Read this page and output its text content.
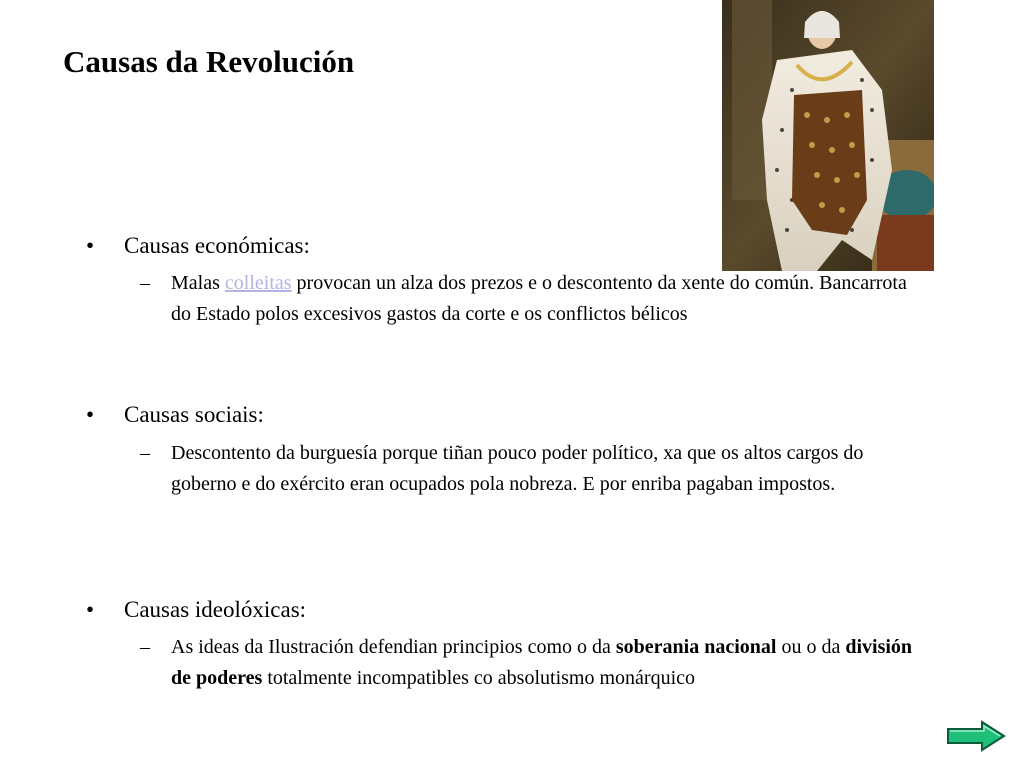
Causas da Revolución
• Causas económicas:
– Malas colleitas provocan un alza dos prezos e o descontento da xente do común. Bancarrota do Estado polos excesivos gastos da corte e os conflictos bélicos
• Causas sociais:
– Descontento da burguesía porque tiñan pouco poder político, xa que os altos cargos do goberno e do exército eran ocupados pola nobreza. E por enriba pagaban impostos.
• Causas ideolóxicas:
– As ideas da Ilustración defendian principios como o da soberania nacional ou o da división de poderes totalmente incompatibles co absolutismo monárquico
